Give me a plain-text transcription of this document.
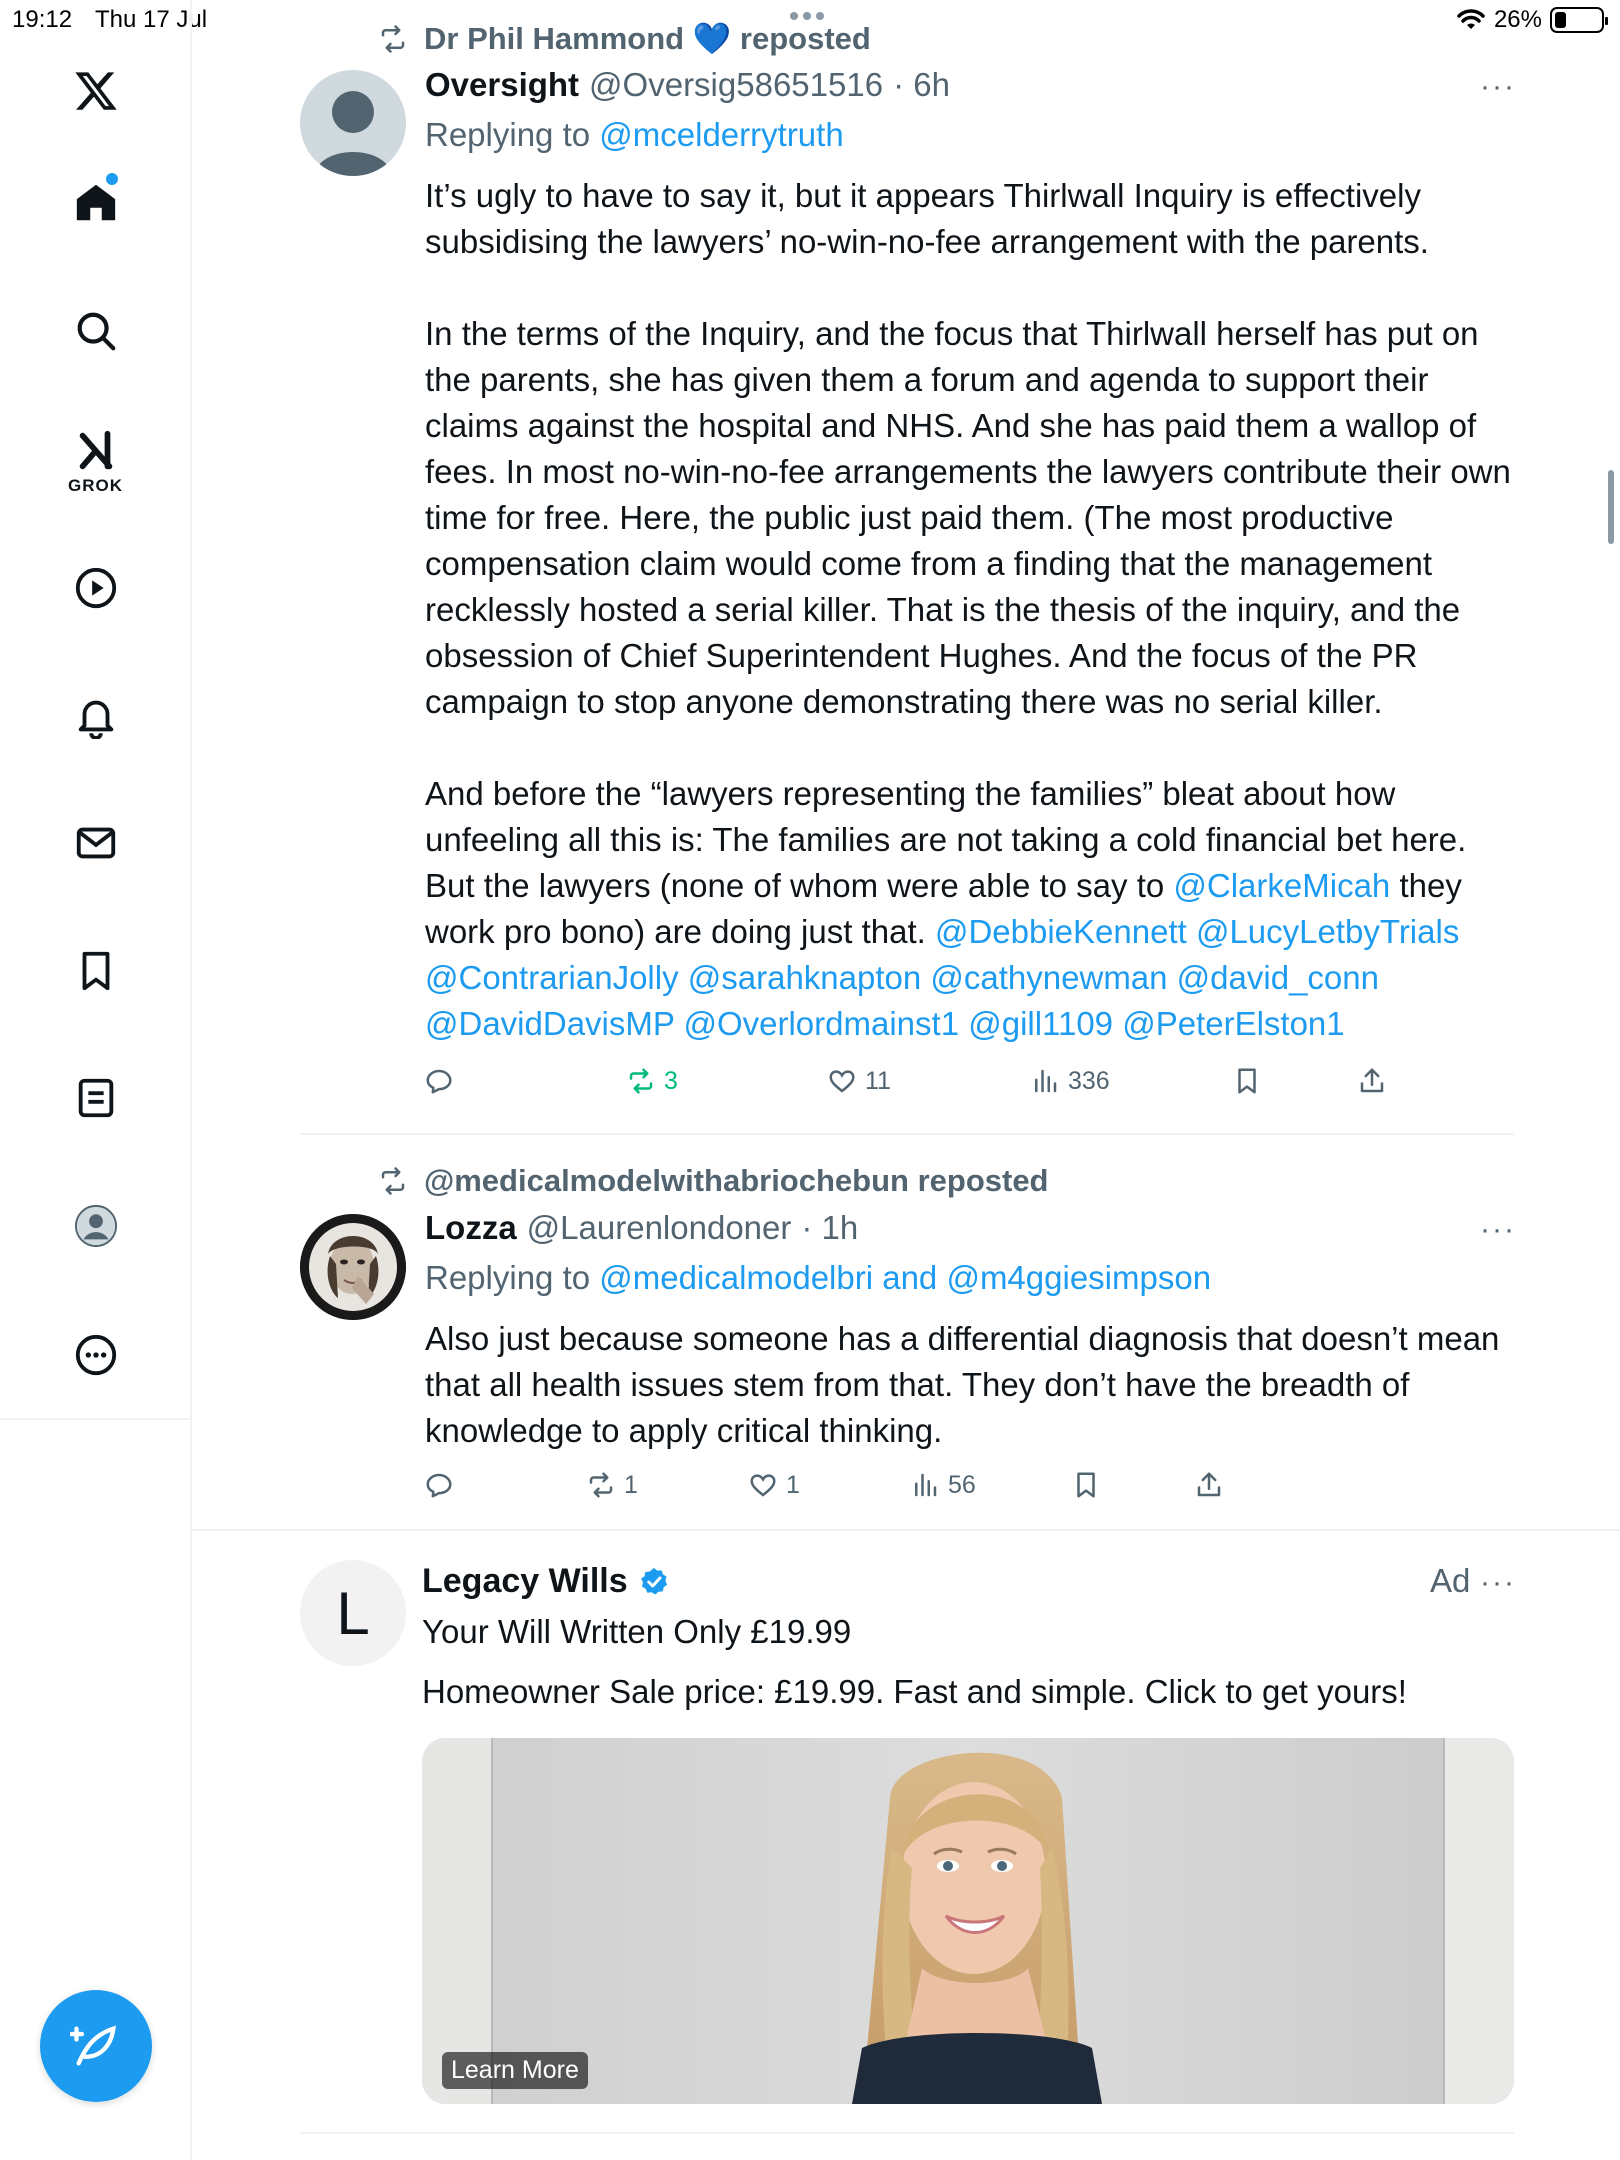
19:12 Thu 17 Jul	26%
GROK
Dr Phil Hammond 💙 reposted
Oversight @Oversig58651516 · 6h	···
Replying to @mcelderrytruth

It’s ugly to have to say it, but it appears Thirlwall Inquiry is effectively subsidising the lawyers’ no-win-no-fee arrangement with the parents.

In the terms of the Inquiry, and the focus that Thirlwall herself has put on the parents, she has given them a forum and agenda to support their claims against the hospital and NHS. And she has paid them a wallop of fees. In most no-win-no-fee arrangements the lawyers contribute their own time for free. Here, the public just paid them. (The most productive compensation claim would come from a finding that the management recklessly hosted a serial killer. That is the thesis of the inquiry, and the obsession of Chief Superintendent Hughes. And the focus of the PR campaign to stop anyone demonstrating there was no serial killer.

And before the “lawyers representing the families” bleat about how unfeeling all this is: The families are not taking a cold financial bet here. But the lawyers (none of whom were able to say to @ClarkeMicah they work pro bono) are doing just that. @DebbieKennett @LucyLetbyTrials @ContrarianJolly @sarahknapton @cathynewman @david_conn @DavidDavisMP @Overlordmainst1 @gill1109 @PeterElston1

3	11	336
@medicalmodelwithabriochebun reposted
Lozza @Laurenlondoner · 1h	···
Replying to @medicalmodelbri and @m4ggiesimpson
Also just because someone has a differential diagnosis that doesn’t mean that all health issues stem from that. They don’t have the breadth of knowledge to apply critical thinking.
1	1	56
L Legacy Wills	Ad ···
Your Will Written Only £19.99
Homeowner Sale price: £19.99. Fast and simple. Click to get yours!
Learn More
